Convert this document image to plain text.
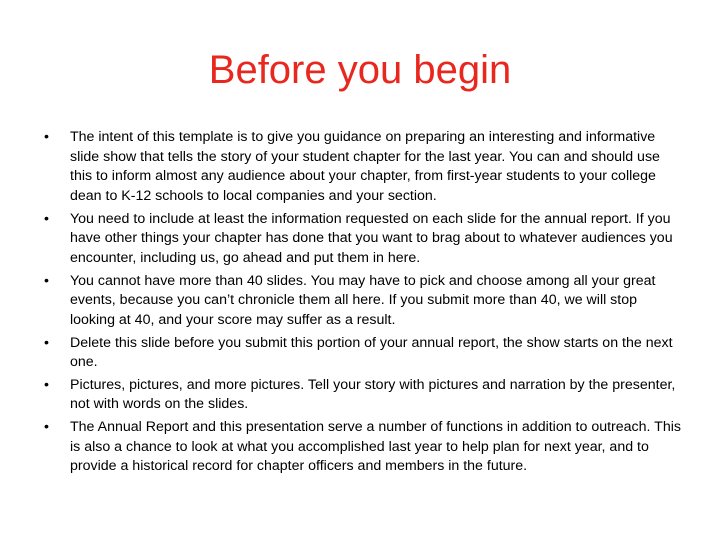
Before you begin
•	The intent of this template is to give you guidance on preparing an interesting and informative slide show that tells the story of your student chapter for the last year. You can and should use this to inform almost any audience about your chapter, from first-year students to your college dean to K-12 schools to local companies and your section.
•	You need to include at least the information requested on each slide for the annual report. If you have other things your chapter has done that you want to brag about to whatever audiences you encounter, including us, go ahead and put them in here.
•	You cannot have more than 40 slides. You may have to pick and choose among all your great events, because you can’t chronicle them all here. If you submit more than 40, we will stop looking at 40, and your score may suffer as a result.
•	Delete this slide before you submit this portion of your annual report, the show starts on the next one.
•	Pictures, pictures, and more pictures. Tell your story with pictures and narration by the presenter, not with words on the slides.
•	The Annual Report and this presentation serve a number of functions in addition to outreach. This is also a chance to look at what you accomplished last year to help plan for next year, and to provide a historical record for chapter officers and members in the future.
